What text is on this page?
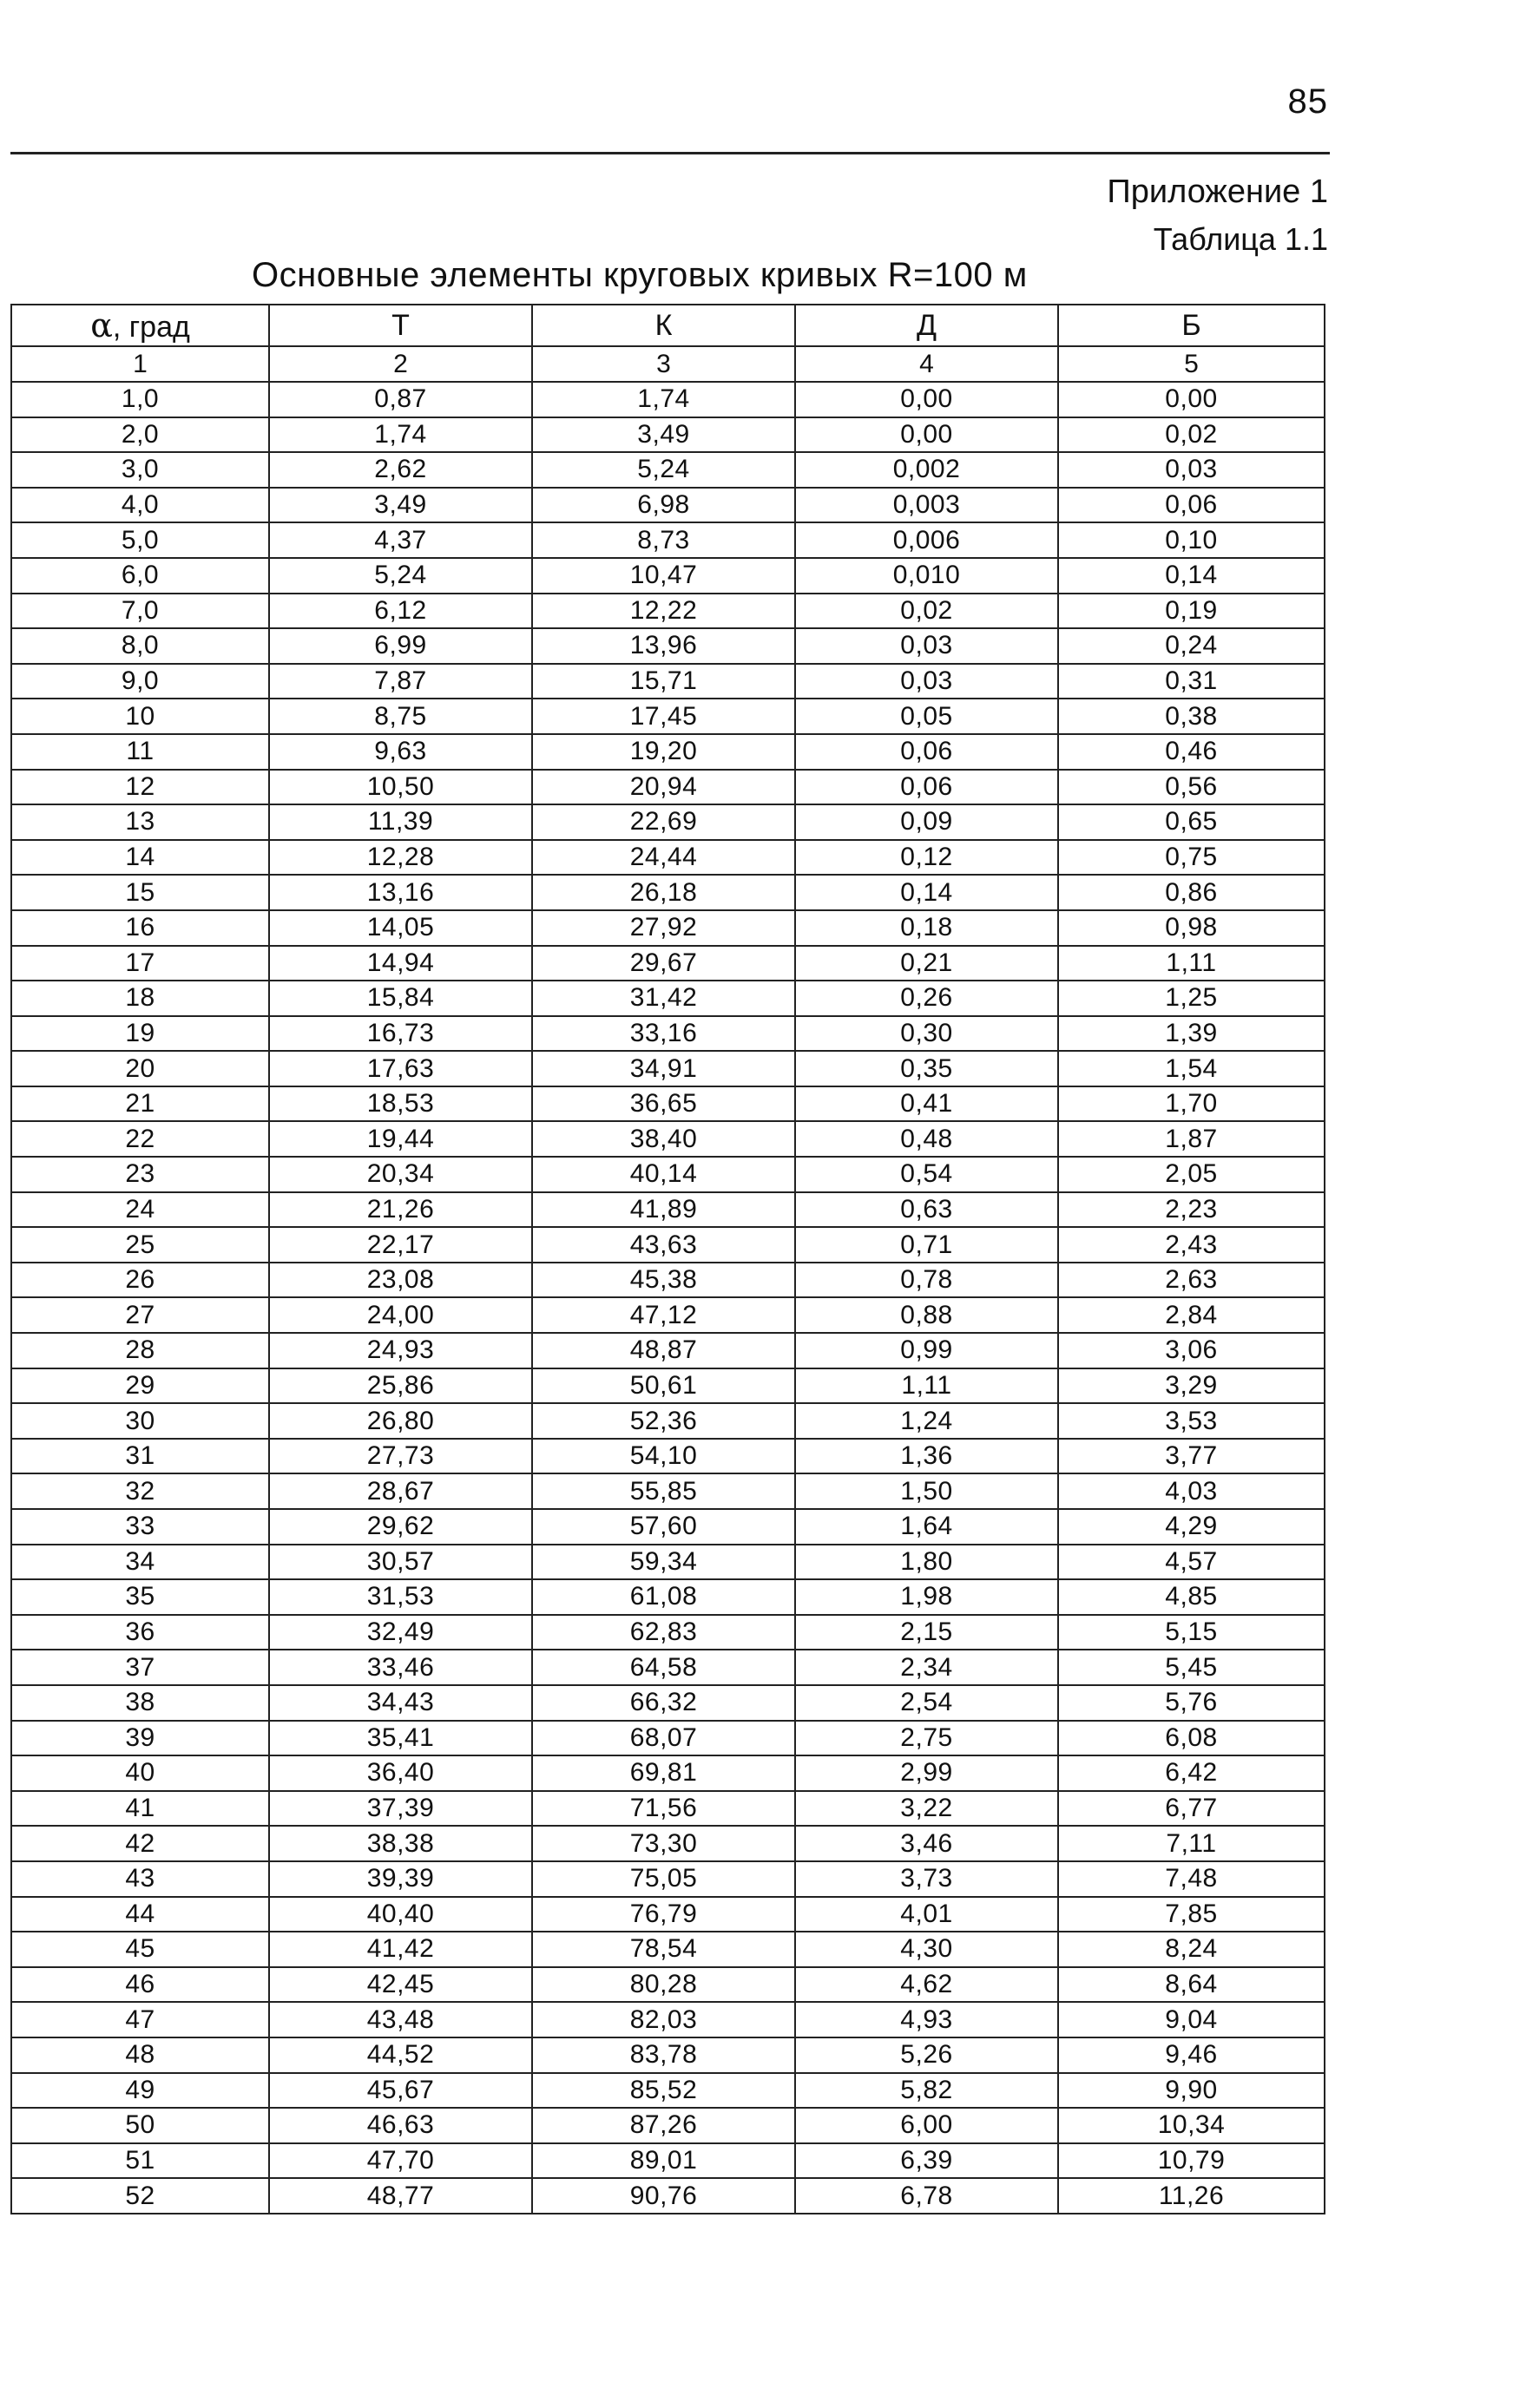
85
Приложение 1
Таблица 1.1
Основные элементы круговых кривых R=100 м
α, град	Т	К	Д	Б
1	2	3	4	5
1,0	0,87	1,74	0,00	0,00
2,0	1,74	3,49	0,00	0,02
3,0	2,62	5,24	0,002	0,03
4,0	3,49	6,98	0,003	0,06
5,0	4,37	8,73	0,006	0,10
6,0	5,24	10,47	0,010	0,14
7,0	6,12	12,22	0,02	0,19
8,0	6,99	13,96	0,03	0,24
9,0	7,87	15,71	0,03	0,31
10	8,75	17,45	0,05	0,38
11	9,63	19,20	0,06	0,46
12	10,50	20,94	0,06	0,56
13	11,39	22,69	0,09	0,65
14	12,28	24,44	0,12	0,75
15	13,16	26,18	0,14	0,86
16	14,05	27,92	0,18	0,98
17	14,94	29,67	0,21	1,11
18	15,84	31,42	0,26	1,25
19	16,73	33,16	0,30	1,39
20	17,63	34,91	0,35	1,54
21	18,53	36,65	0,41	1,70
22	19,44	38,40	0,48	1,87
23	20,34	40,14	0,54	2,05
24	21,26	41,89	0,63	2,23
25	22,17	43,63	0,71	2,43
26	23,08	45,38	0,78	2,63
27	24,00	47,12	0,88	2,84
28	24,93	48,87	0,99	3,06
29	25,86	50,61	1,11	3,29
30	26,80	52,36	1,24	3,53
31	27,73	54,10	1,36	3,77
32	28,67	55,85	1,50	4,03
33	29,62	57,60	1,64	4,29
34	30,57	59,34	1,80	4,57
35	31,53	61,08	1,98	4,85
36	32,49	62,83	2,15	5,15
37	33,46	64,58	2,34	5,45
38	34,43	66,32	2,54	5,76
39	35,41	68,07	2,75	6,08
40	36,40	69,81	2,99	6,42
41	37,39	71,56	3,22	6,77
42	38,38	73,30	3,46	7,11
43	39,39	75,05	3,73	7,48
44	40,40	76,79	4,01	7,85
45	41,42	78,54	4,30	8,24
46	42,45	80,28	4,62	8,64
47	43,48	82,03	4,93	9,04
48	44,52	83,78	5,26	9,46
49	45,67	85,52	5,82	9,90
50	46,63	87,26	6,00	10,34
51	47,70	89,01	6,39	10,79
52	48,77	90,76	6,78	11,26
